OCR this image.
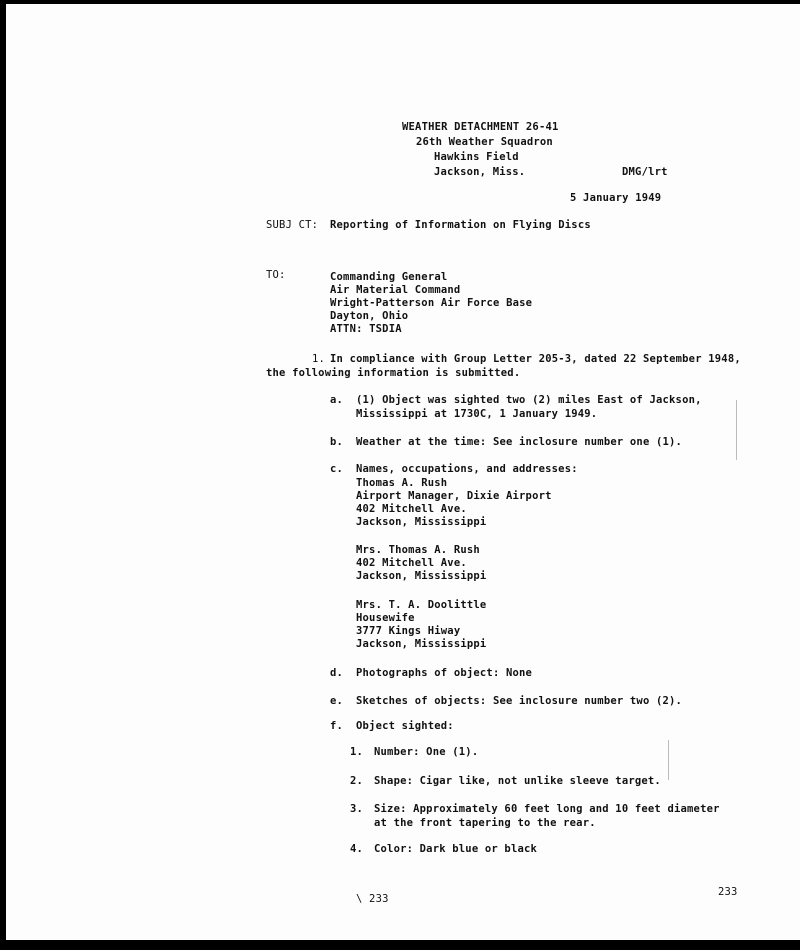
WEATHER DETACHMENT 26-41
26th Weather Squadron
Hawkins Field
Jackson, Miss.	DMG/lrt
5 January 1949
SUBJ CT: Reporting of Information on Flying Discs
TO:	Commanding General
Air Material Command
Wright-Patterson Air Force Base
Dayton, Ohio
ATTN: TSDIA
1. In compliance with Group Letter 205-3, dated 22 September 1948,
the following information is submitted.
a. (1) Object was sighted two (2) miles East of Jackson,
Mississippi at 1730C, 1 January 1949.
b. Weather at the time: See inclosure number one (1).
c. Names, occupations, and addresses:
Thomas A. Rush
Airport Manager, Dixie Airport
402 Mitchell Ave.
Jackson, Mississippi
Mrs. Thomas A. Rush
402 Mitchell Ave.
Jackson, Mississippi
Mrs. T. A. Doolittle
Housewife
3777 Kings Hiway
Jackson, Mississippi
d. Photographs of object: None
e. Sketches of objects: See inclosure number two (2).
f. Object sighted:
1. Number: One (1).
2. Shape: Cigar like, not unlike sleeve target.
3. Size: Approximately 60 feet long and 10 feet diameter
at the front tapering to the rear.
4. Color: Dark blue or black
\ 233
233
